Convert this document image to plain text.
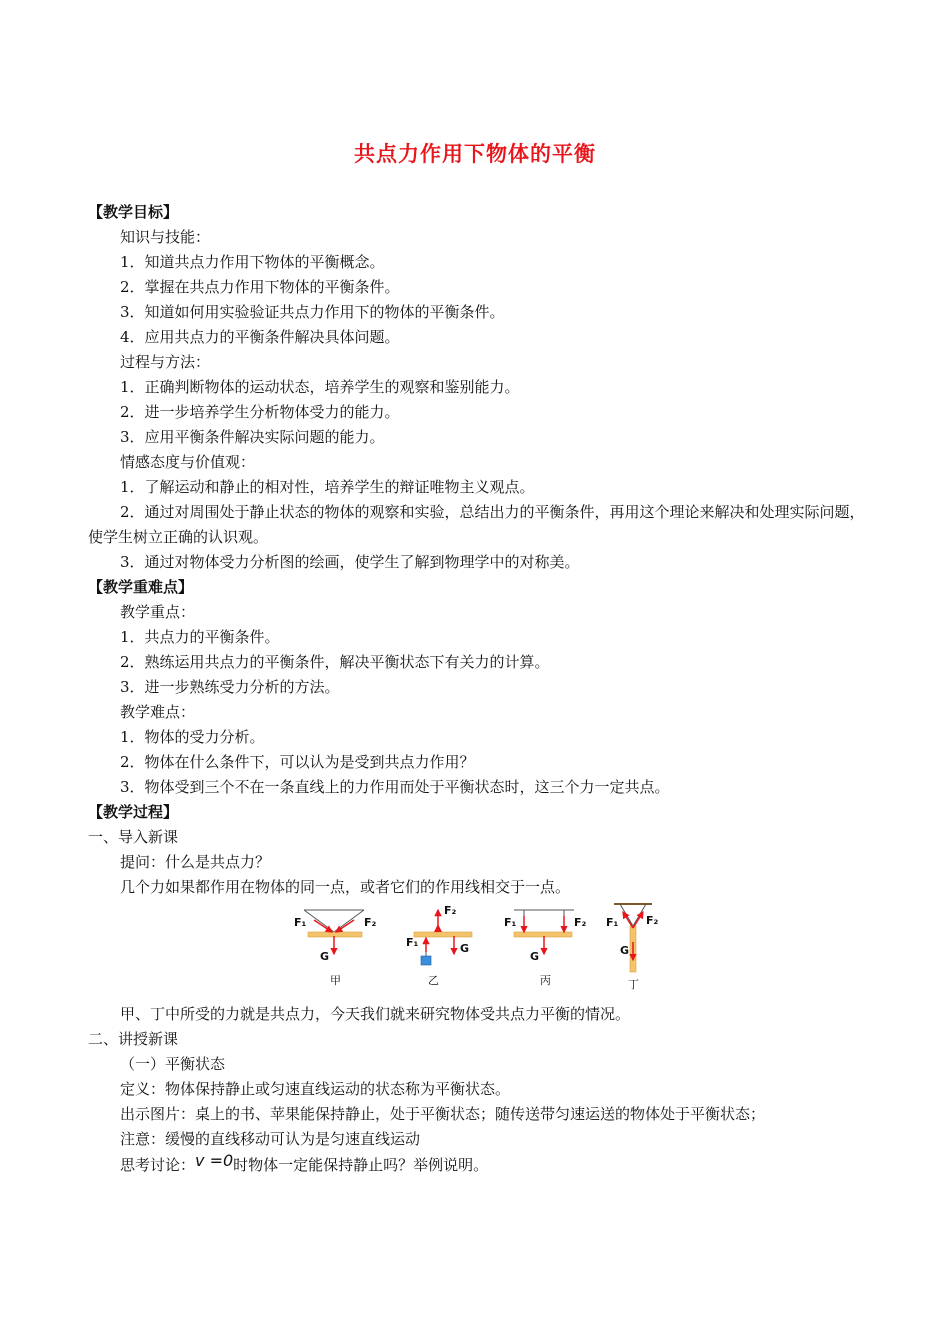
共点力作用下物体的平衡
【教学目标】
知识与技能：
1．知道共点力作用下物体的平衡概念。
2．掌握在共点力作用下物体的平衡条件。
3．知道如何用实验验证共点力作用下的物体的平衡条件。
4．应用共点力的平衡条件解决具体问题。
过程与方法：
1．正确判断物体的运动状态，培养学生的观察和鉴别能力。
2．进一步培养学生分析物体受力的能力。
3．应用平衡条件解决实际问题的能力。
情感态度与价值观：
1．了解运动和静止的相对性，培养学生的辩证唯物主义观点。
2．通过对周围处于静止状态的物体的观察和实验，总结出力的平衡条件，再用这个理论来解决和处理实际问题，使学生树立正确的认识观。
3．通过对物体受力分析图的绘画，使学生了解到物理学中的对称美。
【教学重难点】
教学重点：
1．共点力的平衡条件。
2．熟练运用共点力的平衡条件，解决平衡状态下有关力的计算。
3．进一步熟练受力分析的方法。
教学难点：
1．物体的受力分析。
2．物体在什么条件下，可以认为是受到共点力作用？
3．物体受到三个不在一条直线上的力作用而处于平衡状态时，这三个力一定共点。
【教学过程】
一、导入新课
提问：什么是共点力？
几个力如果都作用在物体的同一点，或者它们的作用线相交于一点。
F₁	F₂
G
甲
F₂
F₁	G
乙
F₁	F₂
G
丙
F₁	F₂
G
丁
甲、丁中所受的力就是共点力，今天我们就来研究物体受共点力平衡的情况。
二、讲授新课
（一）平衡状态
定义：物体保持静止或匀速直线运动的状态称为平衡状态。
出示图片：桌上的书、苹果能保持静止，处于平衡状态；随传送带匀速运送的物体处于平衡状态；
注意：缓慢的直线移动可认为是匀速直线运动
思考讨论：v =0时物体一定能保持静止吗？举例说明。
